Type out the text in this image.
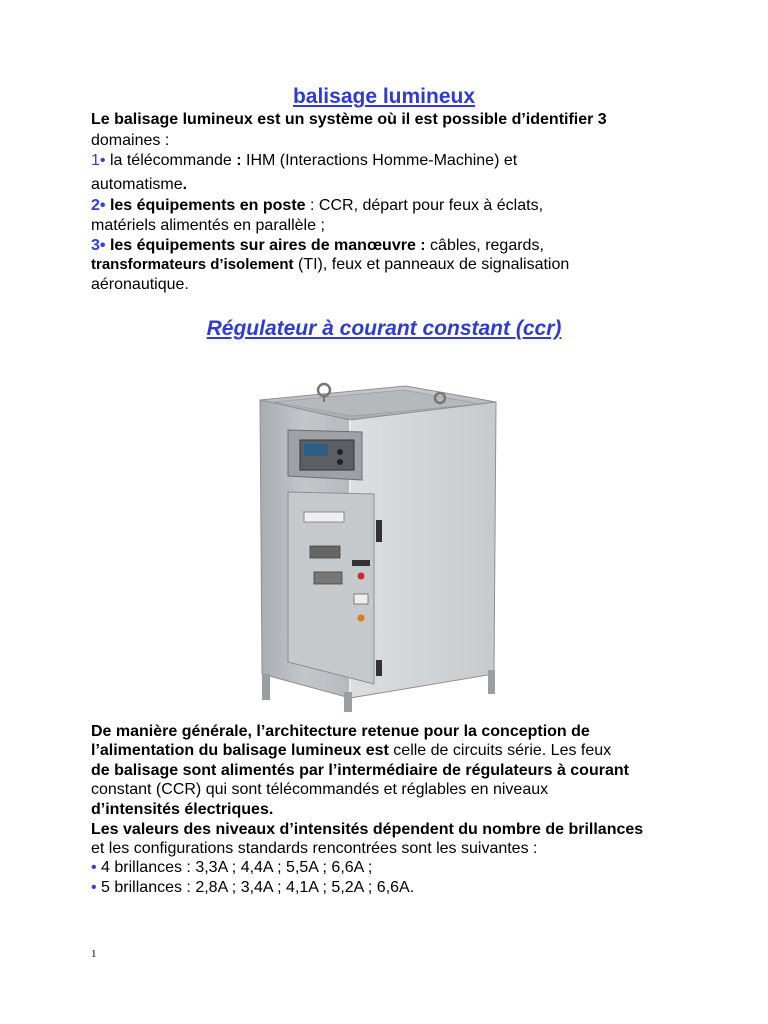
balisage lumineux
Le balisage lumineux est un système où il est possible d’identifier 3
domaines :
1• la télécommande : IHM (Interactions Homme-Machine) et
automatisme.
2• les équipements en poste : CCR, départ pour feux à éclats,
matériels alimentés en parallèle ;
3• les équipements sur aires de manœuvre : câbles, regards,
transformateurs d’isolement (TI), feux et panneaux de signalisation
aéronautique.
Régulateur à courant constant (ccr)
De manière générale, l’architecture retenue pour la conception de
l’alimentation du balisage lumineux est celle de circuits série. Les feux
de balisage sont alimentés par l’intermédiaire de régulateurs à courant
constant (CCR) qui sont télécommandés et réglables en niveaux
d’intensités électriques.
Les valeurs des niveaux d’intensités dépendent du nombre de brillances
et les configurations standards rencontrées sont les suivantes :
• 4 brillances : 3,3A ; 4,4A ; 5,5A ; 6,6A ;
• 5 brillances : 2,8A ; 3,4A ; 4,1A ; 5,2A ; 6,6A.
1
